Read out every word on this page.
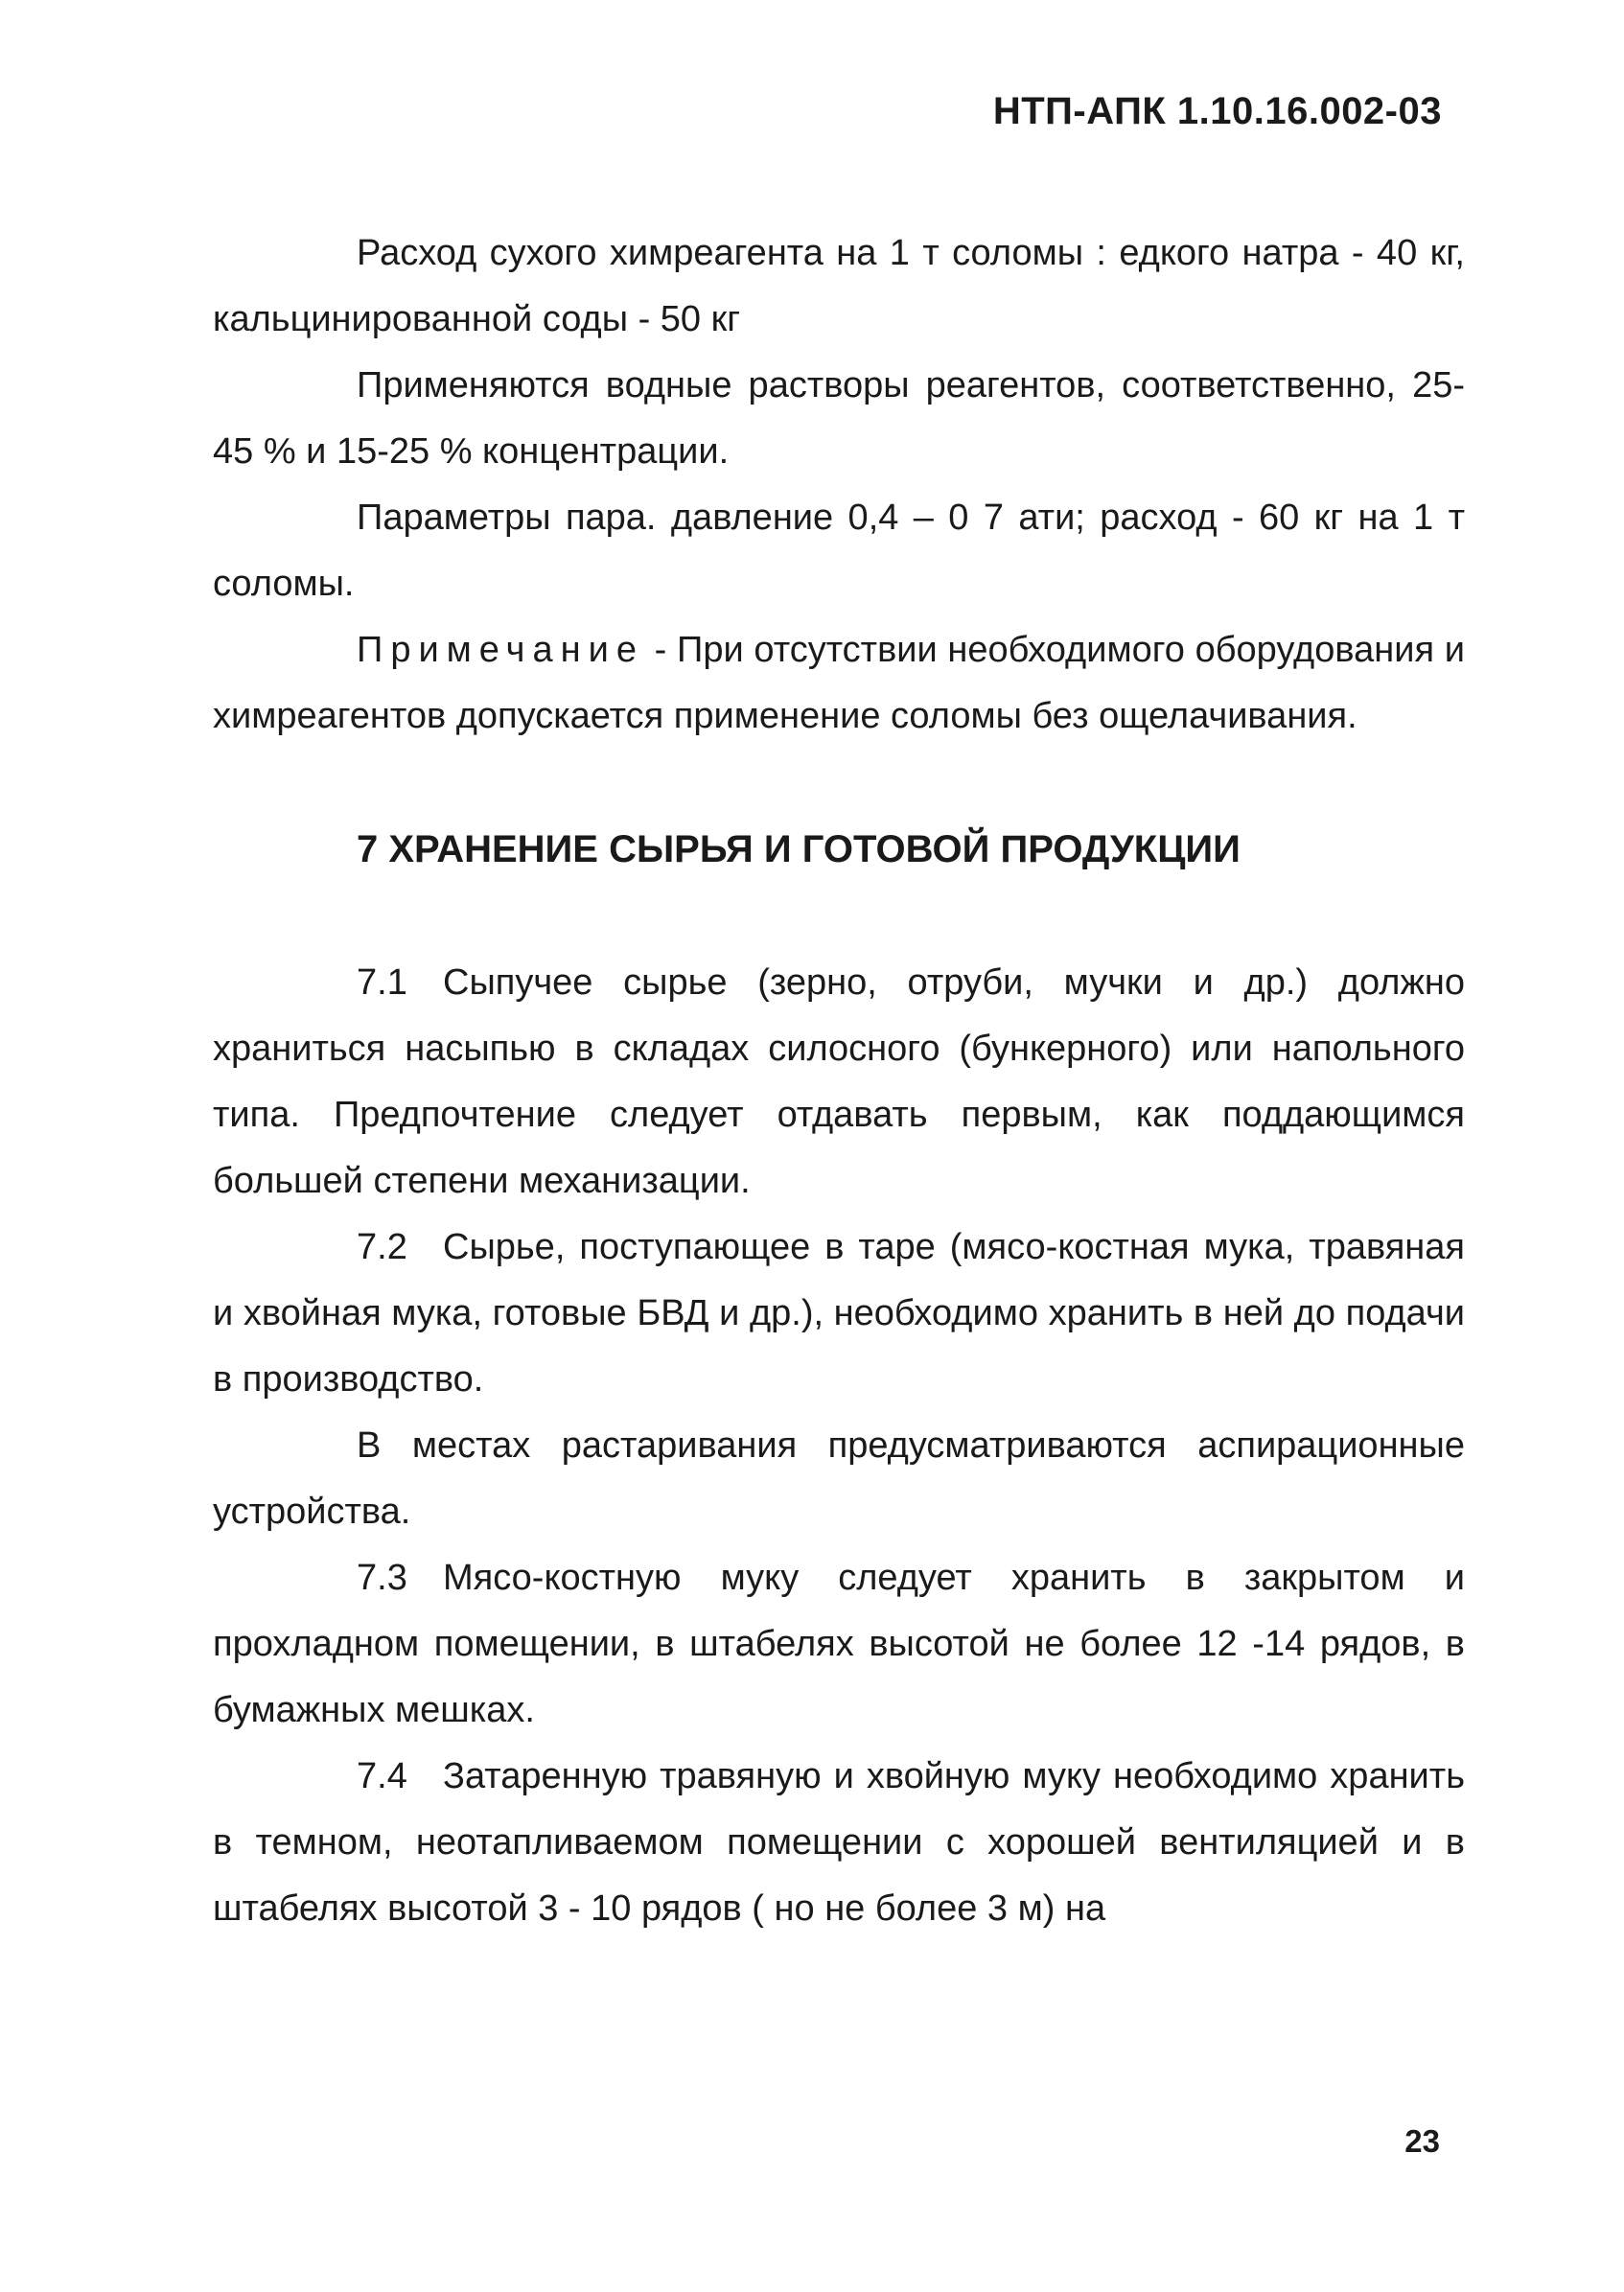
НТП-АПК 1.10.16.002-03

Расход сухого химреагента на 1 т соломы : едкого натра - 40 кг, кальцинированной соды - 50 кг

Применяются водные растворы реагентов, соответственно, 25-45 % и 15-25 % концентрации.

Параметры пара. давление 0,4 – 0 7 ати; расход - 60 кг на 1 т соломы.

Примечание - При отсутствии необходимого оборудования и химреагентов допускается применение соломы без ощелачивания.

7 ХРАНЕНИЕ СЫРЬЯ И ГОТОВОЙ ПРОДУКЦИИ

7.1 Сыпучее сырье (зерно, отруби, мучки и др.) должно храниться насыпью в складах силосного (бункерного) или напольного типа. Предпочтение следует отдавать первым, как поддающимся большей степени механизации.

7.2 Сырье, поступающее в таре (мясо-костная мука, травяная и хвойная мука, готовые БВД и др.), необходимо хранить в ней до подачи в производство.

В местах растаривания предусматриваются аспирационные устройства.

7.3 Мясо-костную муку следует хранить в закрытом и прохладном помещении, в штабелях высотой не более 12 -14 рядов, в бумажных мешках.

7.4 Затаренную травяную и хвойную муку необходимо хранить в темном, неотапливаемом помещении с хорошей вентиляцией и в штабелях высотой 3 - 10 рядов ( но не более 3 м) на

23
